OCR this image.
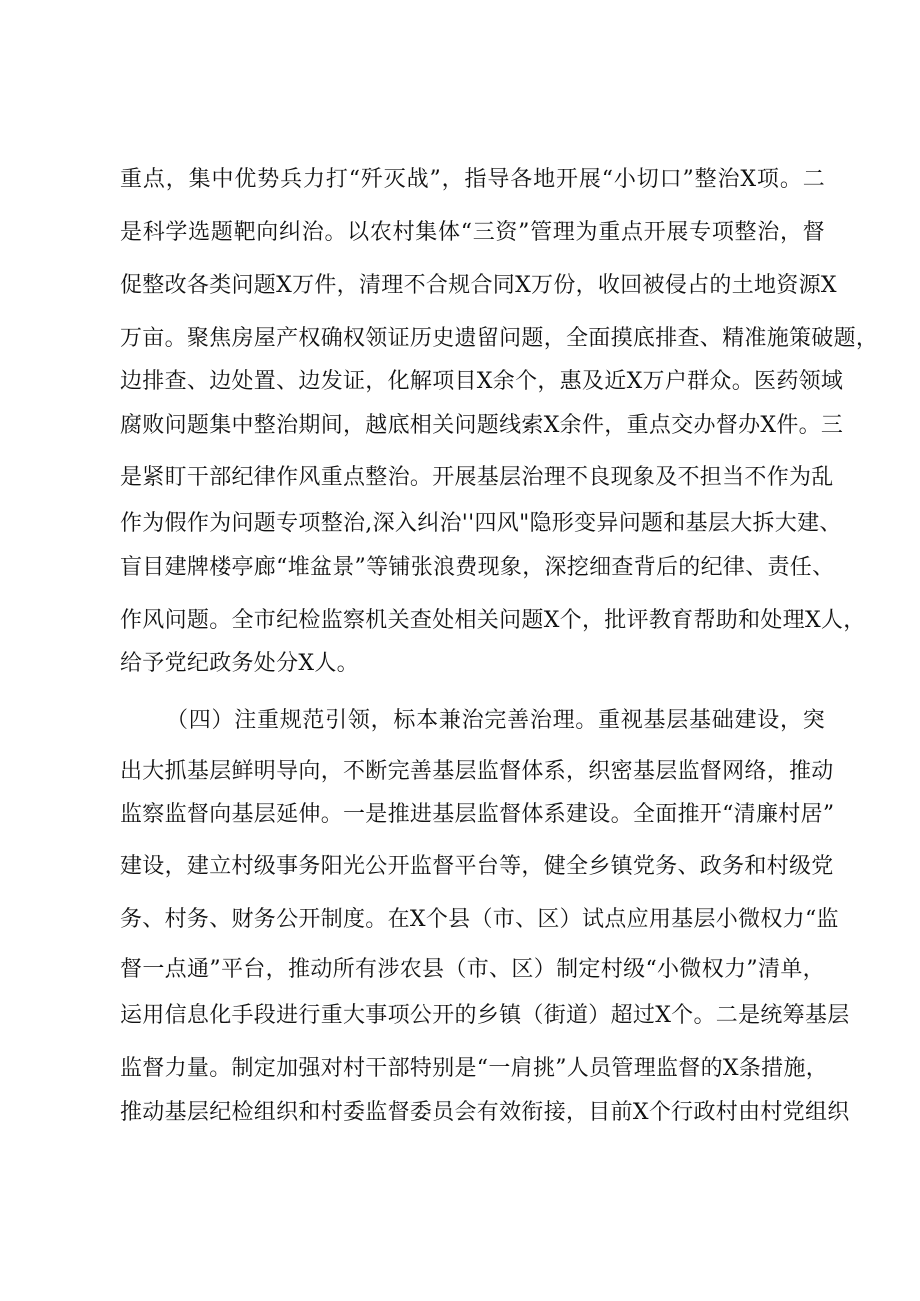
重点，集中优势兵力打“歼灭战”，指导各地开展“小切口”整治X项。二
是科学选题靶向纠治。以农村集体“三资”管理为重点开展专项整治，督
促整改各类问题X万件，清理不合规合同X万份，收回被侵占的土地资源X
万亩。聚焦房屋产权确权领证历史遗留问题，全面摸底排查、精准施策破题，
边排查、边处置、边发证，化解项目X余个，惠及近X万户群众。医药领域
腐败问题集中整治期间，越底相关问题线索X余件，重点交办督办X件。三
是紧盯干部纪律作风重点整治。开展基层治理不良现象及不担当不作为乱
作为假作为问题专项整治,深入纠治''四风"隐形变异问题和基层大拆大建、
盲目建牌楼亭廊“堆盆景”等铺张浪费现象，深挖细查背后的纪律、责任、
作风问题。全市纪检监察机关查处相关问题X个，批评教育帮助和处理X人，
给予党纪政务处分X人。
（四）注重规范引领，标本兼治完善治理。重视基层基础建设，突
出大抓基层鲜明导向，不断完善基层监督体系，织密基层监督网络，推动
监察监督向基层延伸。一是推进基层监督体系建设。全面推开“清廉村居”
建设，建立村级事务阳光公开监督平台等，健全乡镇党务、政务和村级党
务、村务、财务公开制度。在X个县（市、区）试点应用基层小微权力“监
督一点通”平台，推动所有涉农县（市、区）制定村级“小微权力”清单，
运用信息化手段进行重大事项公开的乡镇（街道）超过X个。二是统筹基层
监督力量。制定加强对村干部特别是“一肩挑”人员管理监督的X条措施，
推动基层纪检组织和村委监督委员会有效衔接，目前X个行政村由村党组织
